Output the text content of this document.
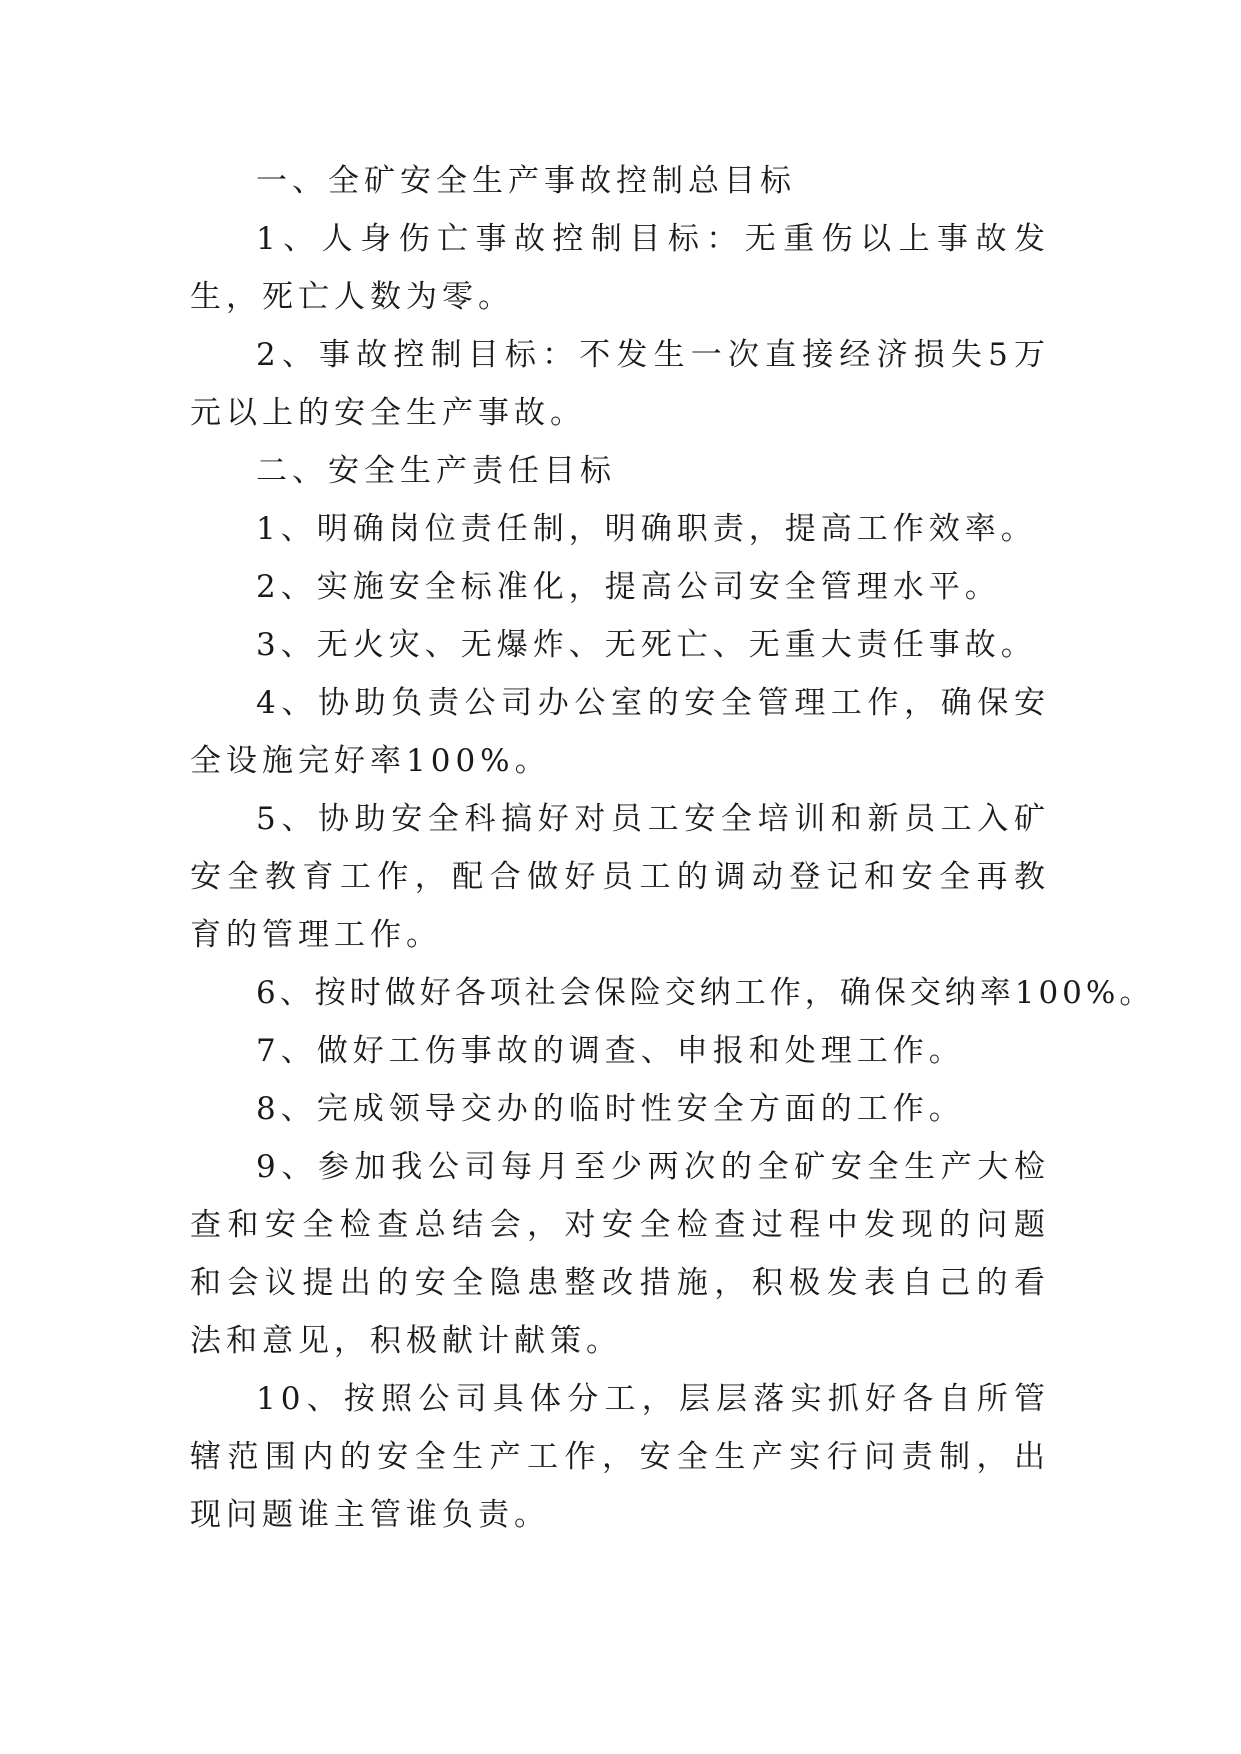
一、全矿安全生产事故控制总目标

1、人身伤亡事故控制目标：无重伤以上事故发生，死亡人数为零。

2、事故控制目标：不发生一次直接经济损失5万元以上的安全生产事故。

二、安全生产责任目标

1、明确岗位责任制，明确职责，提高工作效率。

2、实施安全标准化，提高公司安全管理水平。

3、无火灾、无爆炸、无死亡、无重大责任事故。

4、协助负责公司办公室的安全管理工作，确保安全设施完好率100%。

5、协助安全科搞好对员工安全培训和新员工入矿安全教育工作，配合做好员工的调动登记和安全再教育的管理工作。

6、按时做好各项社会保险交纳工作，确保交纳率100%。

7、做好工伤事故的调查、申报和处理工作。

8、完成领导交办的临时性安全方面的工作。

9、参加我公司每月至少两次的全矿安全生产大检查和安全检查总结会，对安全检查过程中发现的问题和会议提出的安全隐患整改措施，积极发表自己的看法和意见，积极献计献策。

10、按照公司具体分工，层层落实抓好各自所管辖范围内的安全生产工作，安全生产实行问责制，出现问题谁主管谁负责。
